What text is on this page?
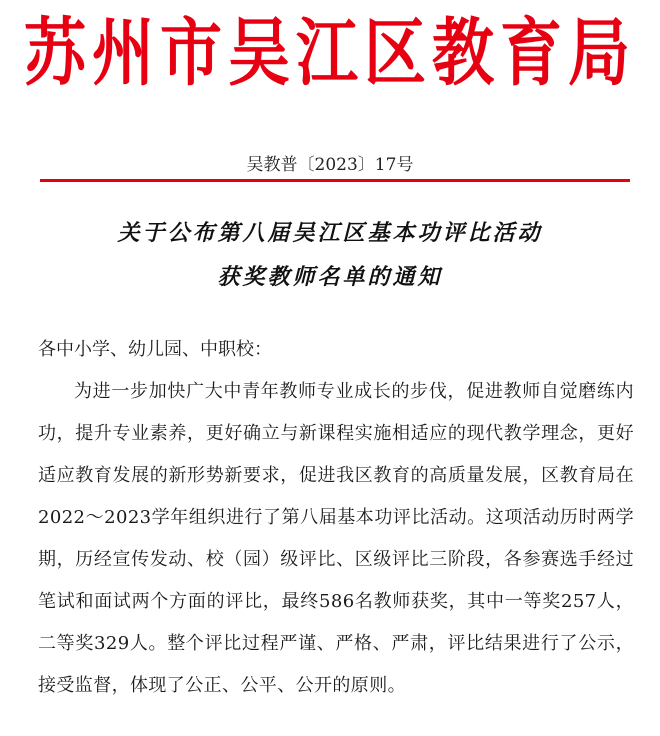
苏州市吴江区教育局
吴教普〔2023〕17号
关于公布第八届吴江区基本功评比活动
获奖教师名单的通知

各中小学、幼儿园、中职校：

为进一步加快广大中青年教师专业成长的步伐，促进教师自觉磨练内功，提升专业素养，更好确立与新课程实施相适应的现代教学理念，更好适应教育发展的新形势新要求，促进我区教育的高质量发展，区教育局在2022～2023学年组织进行了第八届基本功评比活动。这项活动历时两学期，历经宣传发动、校（园）级评比、区级评比三阶段，各参赛选手经过笔试和面试两个方面的评比，最终586名教师获奖，其中一等奖257人，二等奖329人。整个评比过程严谨、严格、严肃，评比结果进行了公示，接受监督，体现了公正、公平、公开的原则。
